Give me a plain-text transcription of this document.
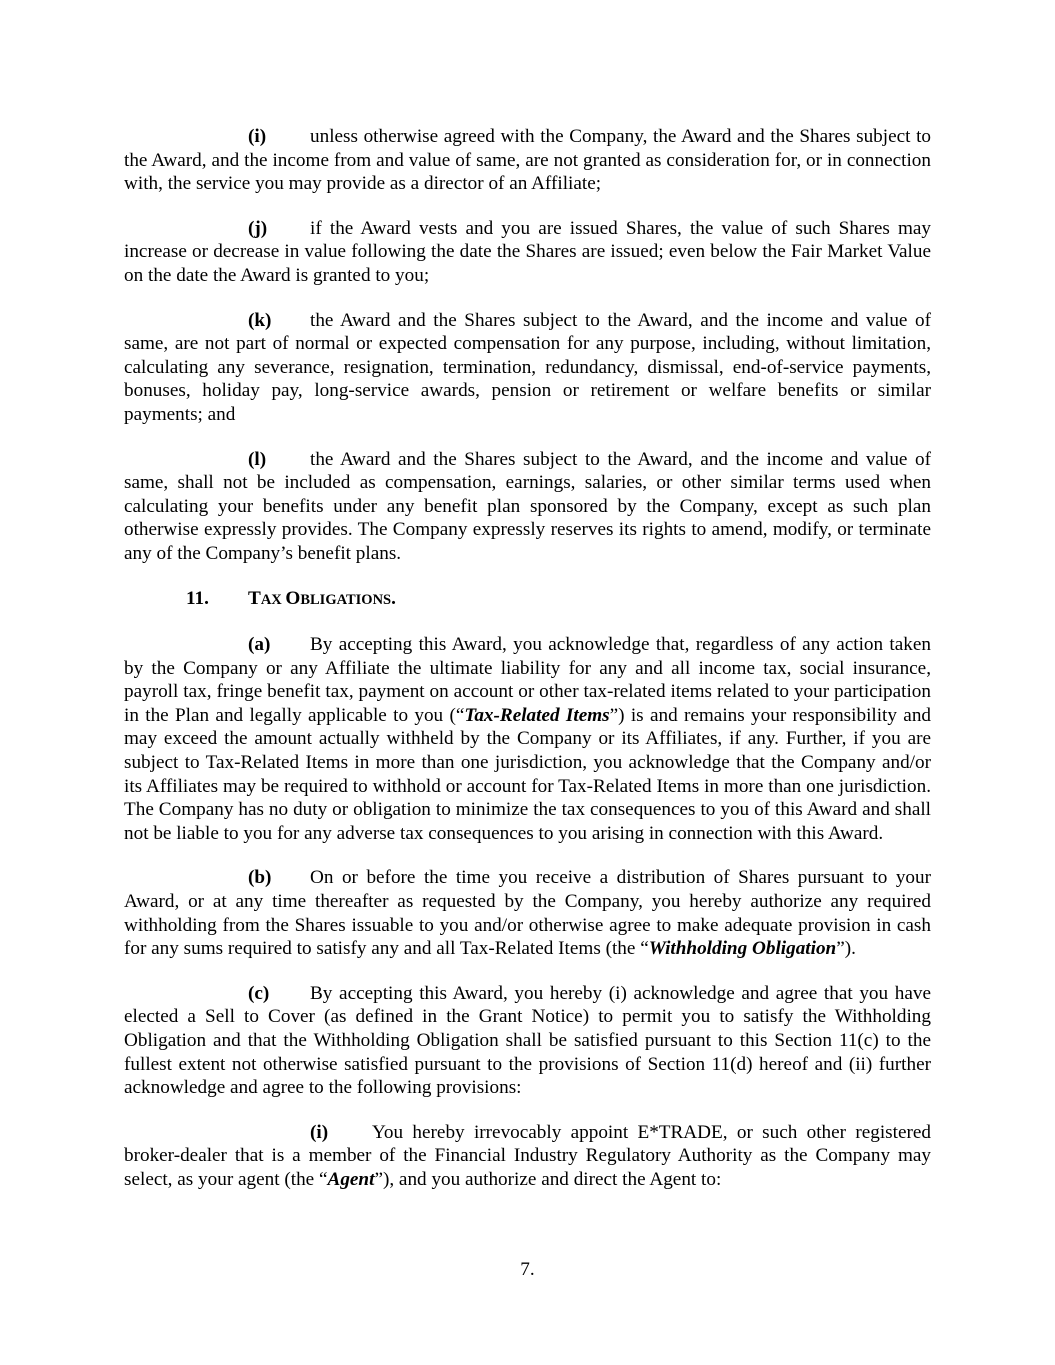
(i) unless otherwise agreed with the Company, the Award and the Shares subject to the Award, and the income from and value of same, are not granted as consideration for, or in connection with, the service you may provide as a director of an Affiliate;

(j) if the Award vests and you are issued Shares, the value of such Shares may increase or decrease in value following the date the Shares are issued; even below the Fair Market Value on the date the Award is granted to you;

(k) the Award and the Shares subject to the Award, and the income and value of same, are not part of normal or expected compensation for any purpose, including, without limitation, calculating any severance, resignation, termination, redundancy, dismissal, end-of-service payments, bonuses, holiday pay, long-service awards, pension or retirement or welfare benefits or similar payments; and

(l) the Award and the Shares subject to the Award, and the income and value of same, shall not be included as compensation, earnings, salaries, or other similar terms used when calculating your benefits under any benefit plan sponsored by the Company, except as such plan otherwise expressly provides. The Company expressly reserves its rights to amend, modify, or terminate any of the Company’s benefit plans.

11. TAX OBLIGATIONS.

(a) By accepting this Award, you acknowledge that, regardless of any action taken by the Company or any Affiliate the ultimate liability for any and all income tax, social insurance, payroll tax, fringe benefit tax, payment on account or other tax-related items related to your participation in the Plan and legally applicable to you (“Tax-Related Items”) is and remains your responsibility and may exceed the amount actually withheld by the Company or its Affiliates, if any. Further, if you are subject to Tax-Related Items in more than one jurisdiction, you acknowledge that the Company and/or its Affiliates may be required to withhold or account for Tax-Related Items in more than one jurisdiction. The Company has no duty or obligation to minimize the tax consequences to you of this Award and shall not be liable to you for any adverse tax consequences to you arising in connection with this Award.

(b) On or before the time you receive a distribution of Shares pursuant to your Award, or at any time thereafter as requested by the Company, you hereby authorize any required withholding from the Shares issuable to you and/or otherwise agree to make adequate provision in cash for any sums required to satisfy any and all Tax-Related Items (the “Withholding Obligation”).

(c) By accepting this Award, you hereby (i) acknowledge and agree that you have elected a Sell to Cover (as defined in the Grant Notice) to permit you to satisfy the Withholding Obligation and that the Withholding Obligation shall be satisfied pursuant to this Section 11(c) to the fullest extent not otherwise satisfied pursuant to the provisions of Section 11(d) hereof and (ii) further acknowledge and agree to the following provisions:

(i) You hereby irrevocably appoint E*TRADE, or such other registered broker-dealer that is a member of the Financial Industry Regulatory Authority as the Company may select, as your agent (the “Agent”), and you authorize and direct the Agent to:

7.
